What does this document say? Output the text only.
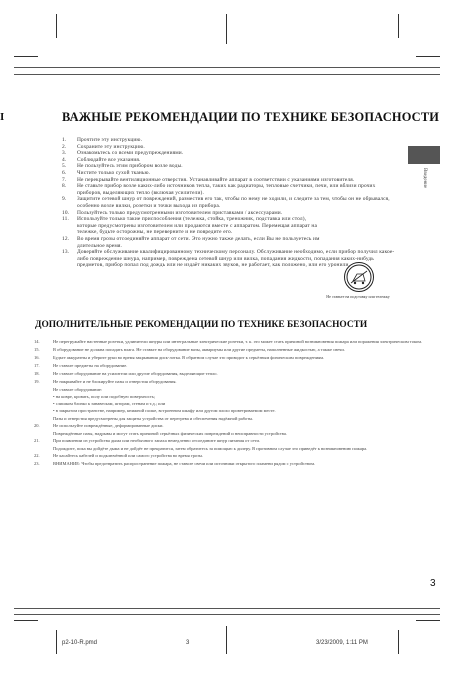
I	ВАЖНЫЕ РЕКОМЕНДАЦИИ ПО ТЕХНИКЕ БЕЗОПАСНОСТИ
Введение
1. Прочтите эту инструкцию.
2. Сохраните эту инструкцию.
3. Ознакомьтесь со всеми предупреждениями.
4. Соблюдайте все указания.
5. Не пользуйтесь этим прибором возле воды.
6. Чистите только сухой тканью.
7. Не перекрывайте вентиляционные отверстия. Устанавливайте аппарат в соответствии с указаниями изготовителя.
8. Не ставьте прибор возле каких-либо источников тепла, таких как радиаторы, тепловые счетчики, печи, или вблизи прочих приборов, выделяющих тепло (включая усилители).
9. Защитите сетевой шнур от повреждений, разместив его так, чтобы по нему не ходили, и следите за тем, чтобы он не обрывался, особенно возле вилки, розетки и точки выхода из прибора.
10. Пользуйтесь только предусмотренными изготовителем приставками / аксессуарами.
11. Используйте только такие приспособления (тележка, стойка, треножник, подставка или стол), которые предусмотрены изготовителем или продаются вместе с аппаратом. Перемещая аппарат на тележке, будьте осторожны, не переверните и не повредите его.
12. Во время грозы отсоединяйте аппарат от сети. Это нужно также делать, если Вы не пользуетесь им длительное время.
13. Доверяйте обслуживание квалифицированному техническому персоналу. Обслуживание необходимо, если прибор получил какое-либо повреждение шнура, например, повреждена сетевой шнур или вилка, попадания жидкости, попадания каких-нибудь предметов, прибор попал под дождь или не издаёт никаких звуков, не работает, как положено, или его уронили.
Не ставьте на подставку или тележку
ДОПОЛНИТЕЛЬНЫЕ РЕКОМЕНДАЦИИ ПО ТЕХНИКЕ БЕЗОПАСНОСТИ
14.	Не перегружайте настенные розетки, удлинители шнуры или интегральные электрические розетки, т. к. это может стать причиной возникновения пожара или поражения электрическим током.
15.	В оборудование не должна попадать влага. Не ставьте на оборудование вазы, аквариумы или другие предметы, наполненные жидкостью, а также свечи.
16.	Будьте аккуратны и уберите руки во время закрывания диск-лотка. В обратном случае это приводит к серьёзным физическим повреждениям.
17.	Не ставьте предметы на оборудование.
18.	Не ставьте оборудование на усилители или другие оборудования, выделяющие тепло.
19.	Не накрывайте и не блокируйте пазы и отверстия оборудования.
Не ставьте оборудование:
• на ковре, кровать, полу или подобную поверхность;
• слишком близко к занавескам, шторам, стенам и т.д.; или
• в закрытом пространстве, например, книжной полке, встроенном шкафу или другом плохо проветриваемом месте.
Пазы и отверстия предусмотрены для защиты устройства от перегрева и обеспечения надёжной работы.
20.	Не используйте повреждённые, деформированные диски.
Повреждённые пазы, надрывы и могут стать причиной серьёзных физических повреждений и неисправности устройства.
21.	При появлении из устройства дыма или необычного запаха немедленно отсоедините шнур питания от сети.
Подождите, пока вы дойдёте дыма и не дойдёт не прекратится, затем обратитесь за помощью к дилеру. В противном случае это приведёт к возникновению пожара.
22.	Не касайтесь кабелей и подключённой или самого устройства во время грозы.
23.	ВНИМАНИЕ: Чтобы предотвратить распространение пожара, не ставьте свечи или источники открытого пламени рядом с устройством.
3
p2-10-R.pmd	3	3/23/2009, 1:11 PM
